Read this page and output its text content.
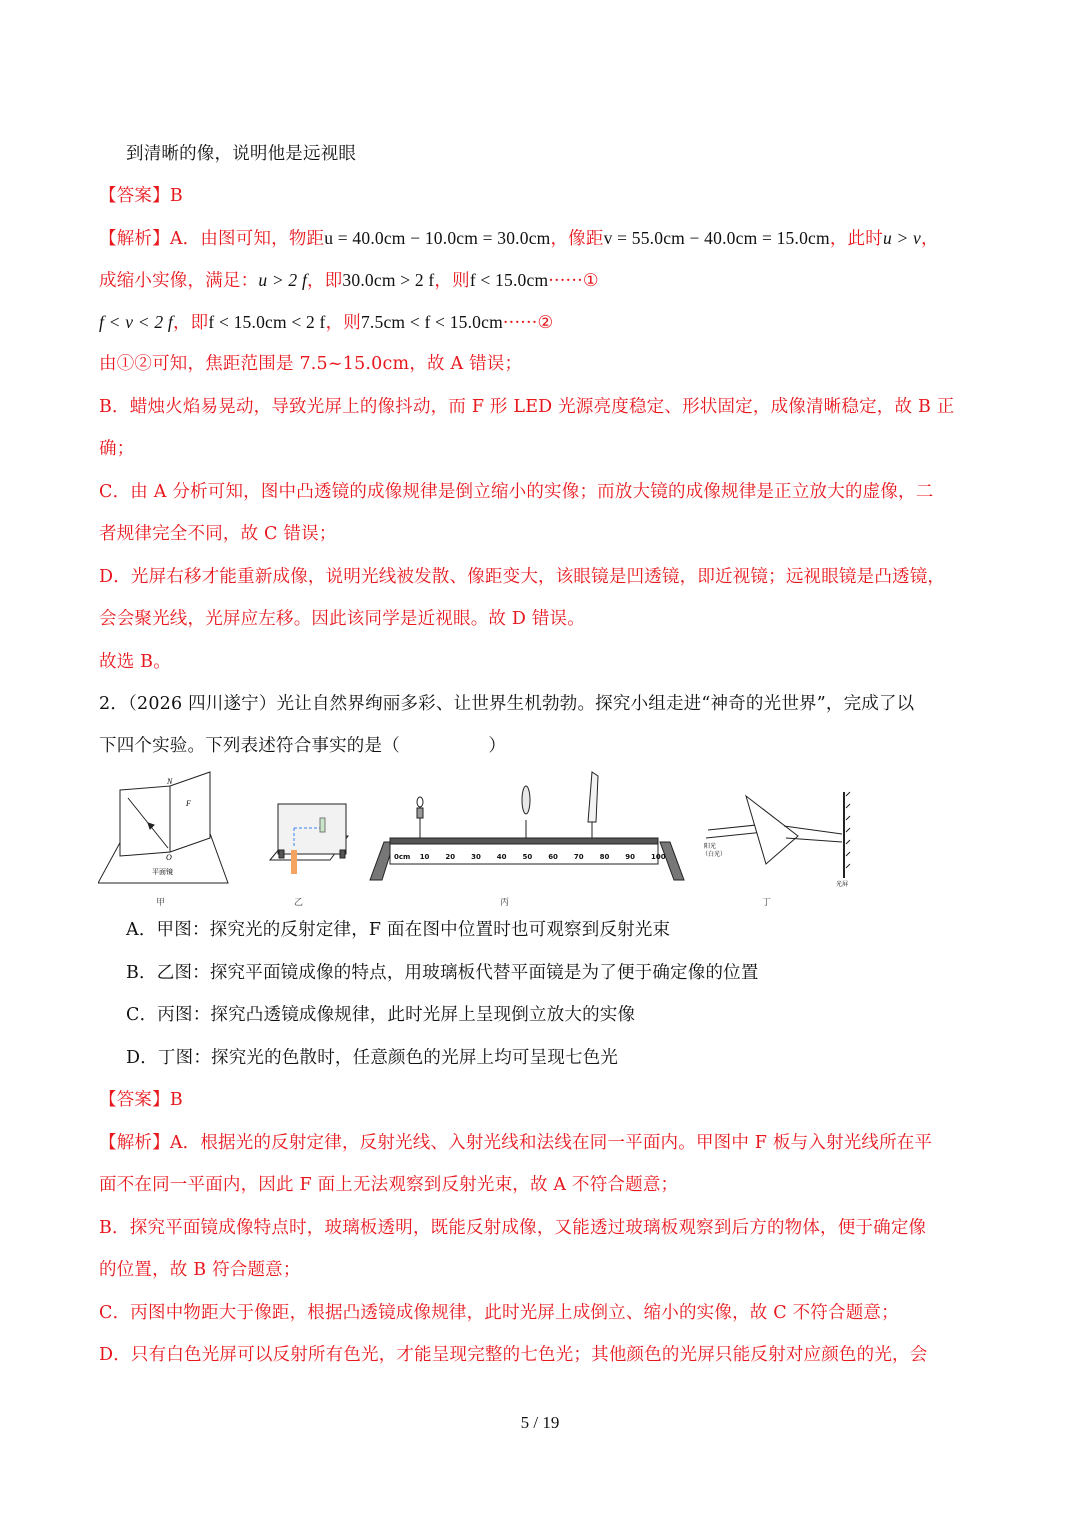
到清晰的像，说明他是远视眼
【答案】B
【解析】A．由图可知，物距u = 40.0cm − 10.0cm = 30.0cm，像距v = 55.0cm − 40.0cm = 15.0cm，此时u > v，
成缩小实像，满足：u > 2 f，即30.0cm > 2 f，则f < 15.0cm······①
f < v < 2 f，即f < 15.0cm < 2 f，则7.5cm < f < 15.0cm······②
由①②可知，焦距范围是 7.5~15.0cm，故 A 错误；
B．蜡烛火焰易晃动，导致光屏上的像抖动，而 F 形 LED 光源亮度稳定、形状固定，成像清晰稳定，故 B 正
确；
C．由 A 分析可知，图中凸透镜的成像规律是倒立缩小的实像；而放大镜的成像规律是正立放大的虚像，二
者规律完全不同，故 C 错误；
D．光屏右移才能重新成像，说明光线被发散、像距变大，该眼镜是凹透镜，即近视镜；远视眼镜是凸透镜，
会会聚光线，光屏应左移。因此该同学是近视眼。故 D 错误。
故选 B。
2．（2026 四川遂宁）光让自然界绚丽多彩、让世界生机勃勃。探究小组走进“神奇的光世界”，完成了以
下四个实验。下列表述符合事实的是（　　　　　）
N
F
O
平面镜
阳光
（白光）
光屏
0cm 10 20 30 40 50 60 70 80 90 100
甲	乙	丙	丁
A．甲图：探究光的反射定律，F 面在图中位置时也可观察到反射光束
B．乙图：探究平面镜成像的特点，用玻璃板代替平面镜是为了便于确定像的位置
C．丙图：探究凸透镜成像规律，此时光屏上呈现倒立放大的实像
D．丁图：探究光的色散时，任意颜色的光屏上均可呈现七色光
【答案】B
【解析】A．根据光的反射定律，反射光线、入射光线和法线在同一平面内。甲图中 F 板与入射光线所在平
面不在同一平面内，因此 F 面上无法观察到反射光束，故 A 不符合题意；
B．探究平面镜成像特点时，玻璃板透明，既能反射成像，又能透过玻璃板观察到后方的物体，便于确定像
的位置，故 B 符合题意；
C．丙图中物距大于像距，根据凸透镜成像规律，此时光屏上成倒立、缩小的实像，故 C 不符合题意；
D．只有白色光屏可以反射所有色光，才能呈现完整的七色光；其他颜色的光屏只能反射对应颜色的光，会
5 / 19
